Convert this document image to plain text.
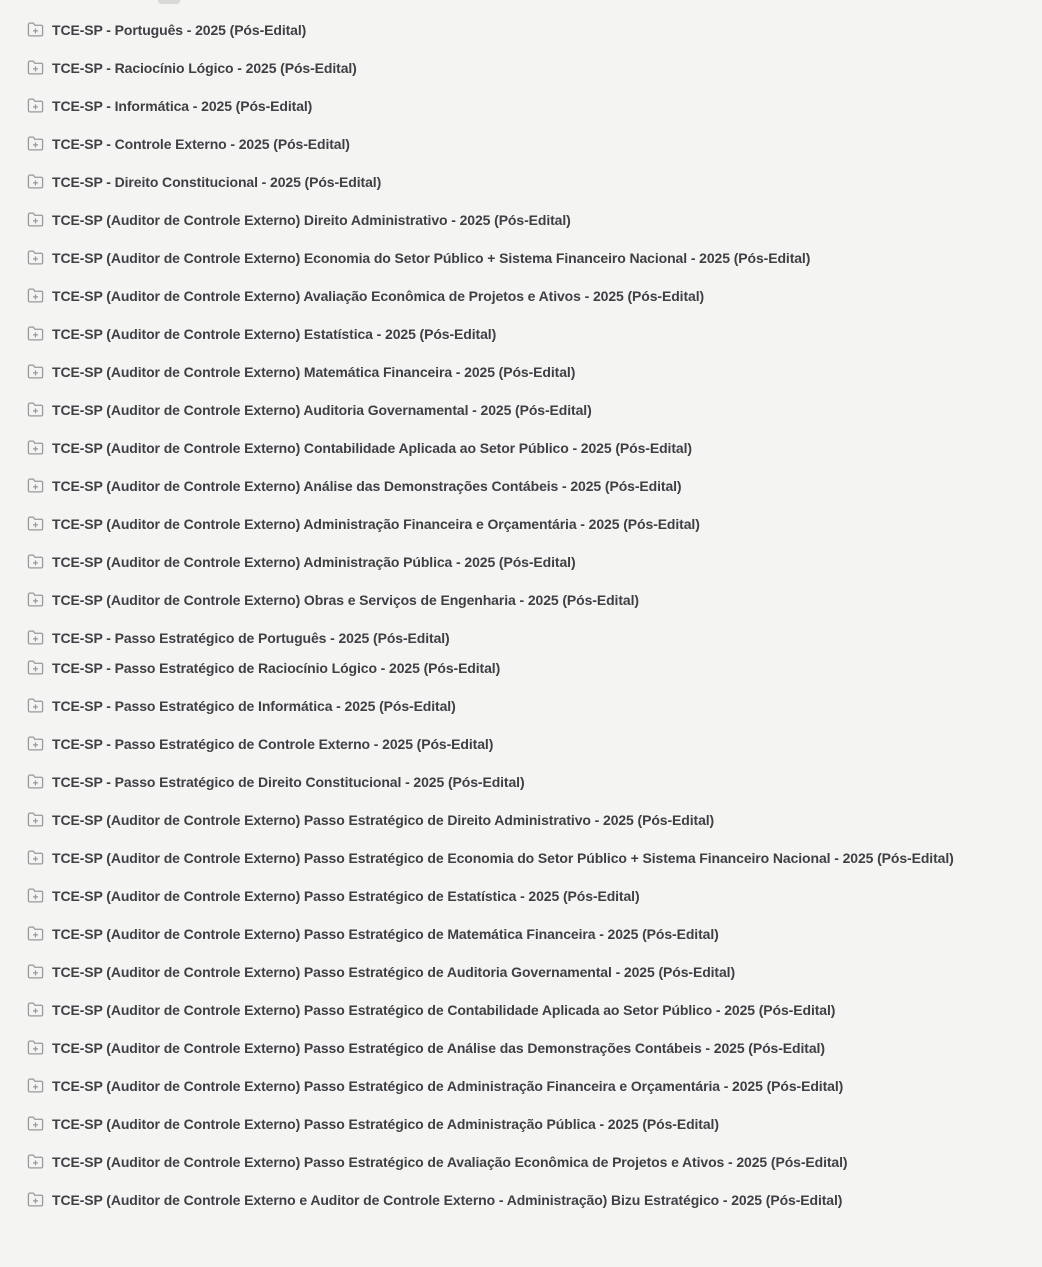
TCE-SP - Português - 2025 (Pós-Edital)
TCE-SP - Raciocínio Lógico - 2025 (Pós-Edital)
TCE-SP - Informática - 2025 (Pós-Edital)
TCE-SP - Controle Externo - 2025 (Pós-Edital)
TCE-SP - Direito Constitucional - 2025 (Pós-Edital)
TCE-SP (Auditor de Controle Externo) Direito Administrativo - 2025 (Pós-Edital)
TCE-SP (Auditor de Controle Externo) Economia do Setor Público + Sistema Financeiro Nacional - 2025 (Pós-Edital)
TCE-SP (Auditor de Controle Externo) Avaliação Econômica de Projetos e Ativos - 2025 (Pós-Edital)
TCE-SP (Auditor de Controle Externo) Estatística - 2025 (Pós-Edital)
TCE-SP (Auditor de Controle Externo) Matemática Financeira - 2025 (Pós-Edital)
TCE-SP (Auditor de Controle Externo) Auditoria Governamental - 2025 (Pós-Edital)
TCE-SP (Auditor de Controle Externo) Contabilidade Aplicada ao Setor Público - 2025 (Pós-Edital)
TCE-SP (Auditor de Controle Externo) Análise das Demonstrações Contábeis - 2025 (Pós-Edital)
TCE-SP (Auditor de Controle Externo) Administração Financeira e Orçamentária - 2025 (Pós-Edital)
TCE-SP (Auditor de Controle Externo) Administração Pública - 2025 (Pós-Edital)
TCE-SP (Auditor de Controle Externo) Obras e Serviços de Engenharia - 2025 (Pós-Edital)
TCE-SP - Passo Estratégico de Português - 2025 (Pós-Edital)
TCE-SP - Passo Estratégico de Raciocínio Lógico - 2025 (Pós-Edital)
TCE-SP - Passo Estratégico de Informática - 2025 (Pós-Edital)
TCE-SP - Passo Estratégico de Controle Externo - 2025 (Pós-Edital)
TCE-SP - Passo Estratégico de Direito Constitucional - 2025 (Pós-Edital)
TCE-SP (Auditor de Controle Externo) Passo Estratégico de Direito Administrativo - 2025 (Pós-Edital)
TCE-SP (Auditor de Controle Externo) Passo Estratégico de Economia do Setor Público + Sistema Financeiro Nacional - 2025 (Pós-Edital)
TCE-SP (Auditor de Controle Externo) Passo Estratégico de Estatística - 2025 (Pós-Edital)
TCE-SP (Auditor de Controle Externo) Passo Estratégico de Matemática Financeira - 2025 (Pós-Edital)
TCE-SP (Auditor de Controle Externo) Passo Estratégico de Auditoria Governamental - 2025 (Pós-Edital)
TCE-SP (Auditor de Controle Externo) Passo Estratégico de Contabilidade Aplicada ao Setor Público - 2025 (Pós-Edital)
TCE-SP (Auditor de Controle Externo) Passo Estratégico de Análise das Demonstrações Contábeis - 2025 (Pós-Edital)
TCE-SP (Auditor de Controle Externo) Passo Estratégico de Administração Financeira e Orçamentária - 2025 (Pós-Edital)
TCE-SP (Auditor de Controle Externo) Passo Estratégico de Administração Pública - 2025 (Pós-Edital)
TCE-SP (Auditor de Controle Externo) Passo Estratégico de Avaliação Econômica de Projetos e Ativos - 2025 (Pós-Edital)
TCE-SP (Auditor de Controle Externo e Auditor de Controle Externo - Administração) Bizu Estratégico - 2025 (Pós-Edital)
